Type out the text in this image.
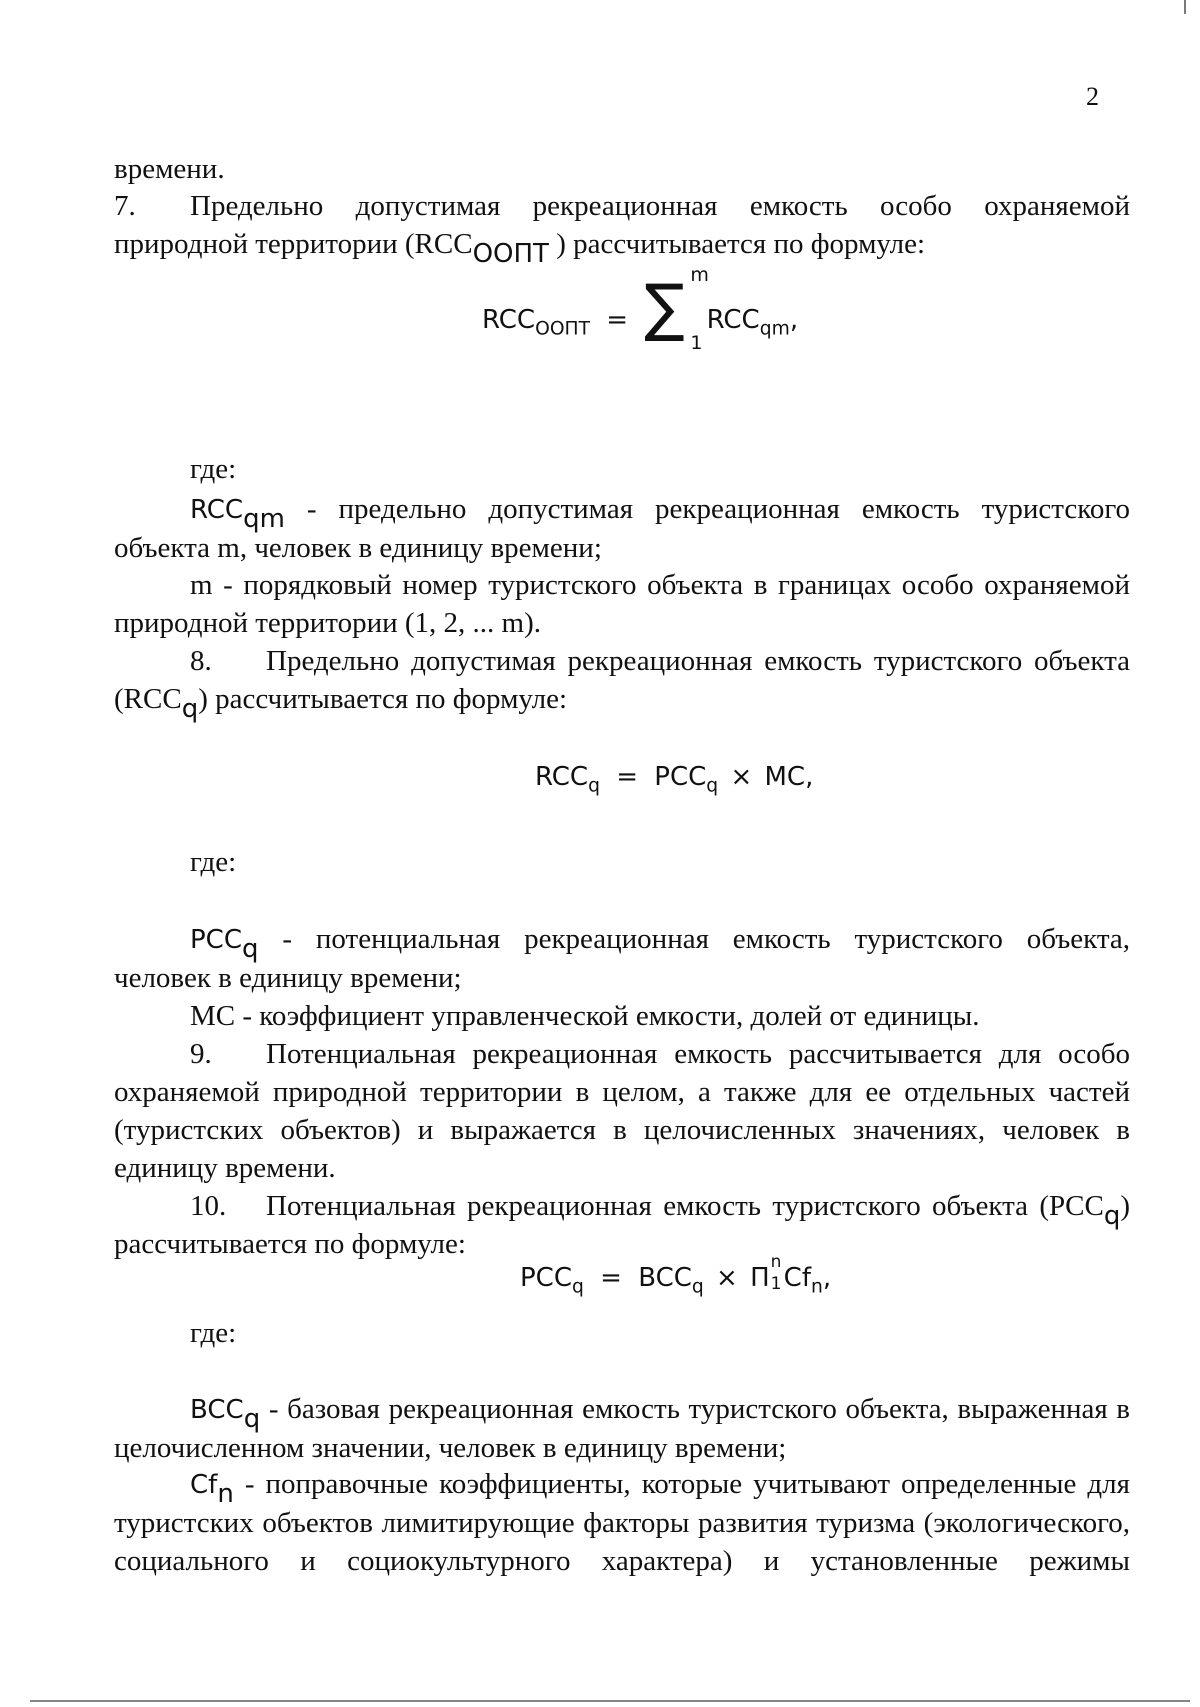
2

времени.

7. Предельно допустимая рекреационная емкость особо охраняемой природной территории ($RCC_{ООПТ}$ ) рассчитывается по формуле:

$RCC_{ООПТ}$ = ∑ m
1
$RCC_{qm}$,

где:

$RCC_{qm}$ - предельно допустимая рекреационная емкость туристского объекта m, человек в единицу времени;

m - порядковый номер туристского объекта в границах особо охраняемой природной территории (1, 2, ... m).

8. Предельно допустимая рекреационная емкость туристского объекта $(RCC_q)$ рассчитывается по формуле:

$RCC_q = PCC_q$ × MC,

где:

$PCC_q$ - потенциальная рекреационная емкость туристского объекта, человек в единицу времени;

МС - коэффициент управленческой емкости, долей от единицы.

9. Потенциальная рекреационная емкость рассчитывается для особо охраняемой природной территории в целом, а также для ее отдельных частей (туристских объектов) и выражается в целочисленных значениях, человек в единицу времени.

10. Потенциальная рекреационная емкость туристского объекта $(PCC_q)$ рассчитывается по формуле:

$PCC_q = BCC_q \times \Pi$
n
1 $Cf_n$,

где:

$BCC_q$ - базовая рекреационная емкость туристского объекта, выраженная в целочисленном значении, человек в единицу времени;

$Cf_n$ - поправочные коэффициенты, которые учитывают определенные для туристских объектов лимитирующие факторы развития туризма (экологического, социального и социокультурного характера) и установленные режимы
